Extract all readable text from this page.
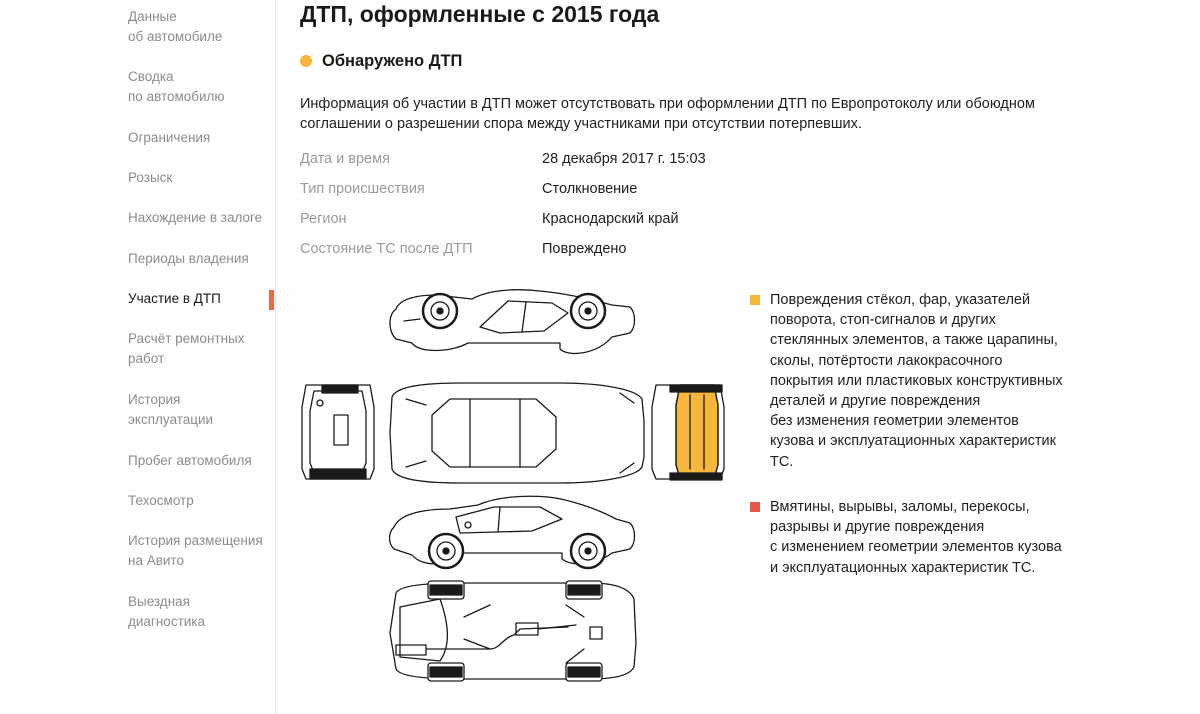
Данные
об автомобиле
Сводка
по автомобилю
Ограничения
Розыск
Нахождение в залоге
Периоды владения
Участие в ДТП
Расчёт ремонтных
работ
История
эксплуатации
Пробег автомобиля
Техосмотр
История размещения
на Авито
Выездная
диагностика
ДТП, оформленные с 2015 года
Обнаружено ДТП

Информация об участии в ДТП может отсутствовать при оформлении ДТП по Европротоколу или обоюдном соглашении о разрешении спора между участниками при отсутствии потерпевших.

Дата и время	28 декабря 2017 г. 15:03
Тип происшествия	Столкновение
Регион	Краснодарский край
Состояние ТС после ДТП	Повреждено

Повреждения стёкол, фар, указателей
поворота, стоп-сигналов и других
стеклянных элементов, а также царапины,
сколы, потёртости лакокрасочного
покрытия или пластиковых конструктивных
деталей и другие повреждения
без изменения геометрии элементов
кузова и эксплуатационных характеристик
ТС.

Вмятины, вырывы, заломы, перекосы,
разрывы и другие повреждения
с изменением геометрии элементов кузова
и эксплуатационных характеристик ТС.
